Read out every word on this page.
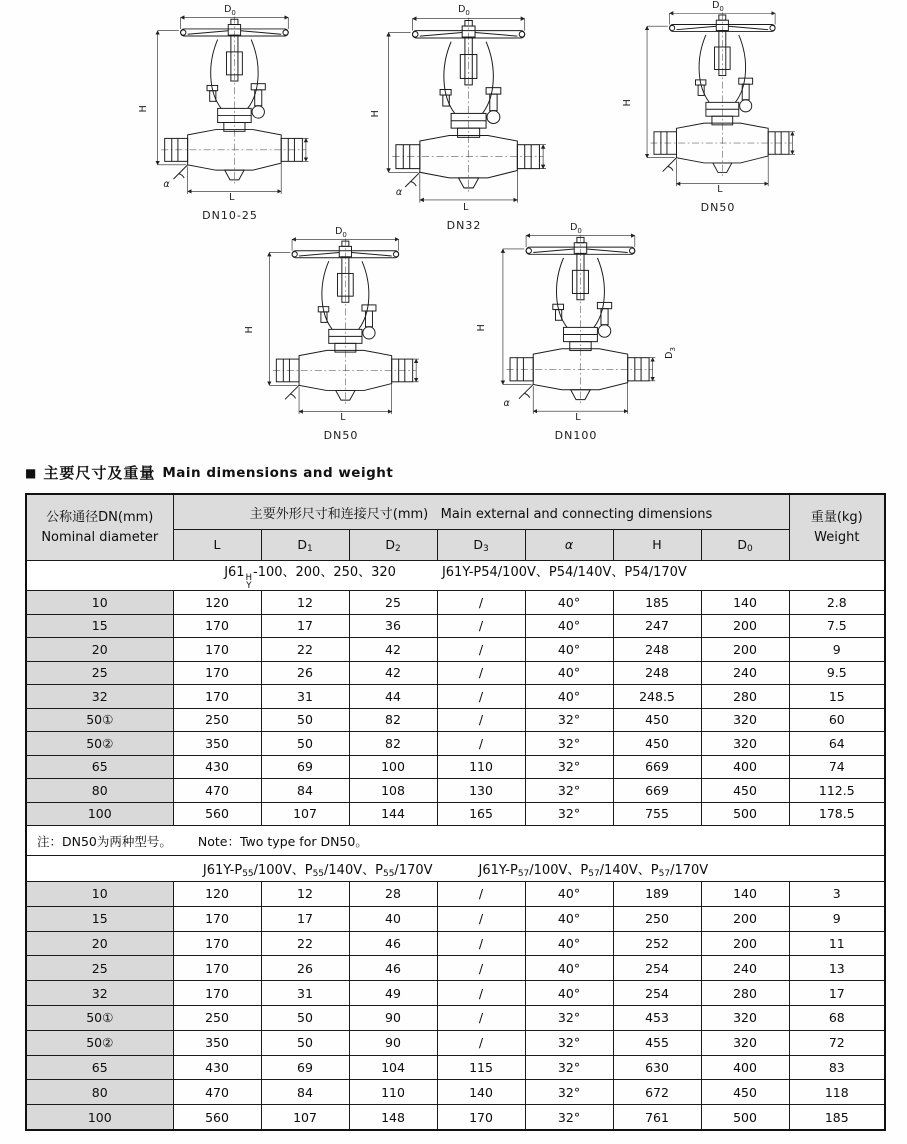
$D_0$
H
L
α
DN10-25
$D_0$
H
L
α
DN32
$D_0$
H
L
DN50
$D_0$
H
L
DN50
$D_0$
H
L
α
$D_3$
DN100
■ 主要尺寸及重量 Main dimensions and weight
公称通径DN(mm)
Nominal diameter
	主要外形尺寸和连接尺寸(mm) Main external and connecting dimensions	重量(kg)
Weight

	L	$D_1$	$D_2$	$D_3$	α	H	$D_0$

J61 H
Y
-100、200、250、320 J61Y-P54/100V、P54/140V、P54/170V								

10	120	12	25	/	40°	185	140	2.8
15	170	17	36	/	40°	247	200	7.5
20	170	22	42	/	40°	248	200	9
25	170	26	42	/	40°	248	240	9.5
32	170	31	44	/	40°	248.5	280	15
50①	250	50	82	/	32°	450	320	60
50②	350	50	82	/	32°	450	320	64
65	430	69	100	110	32°	669	400	74
80	470	84	108	130	32°	669	450	112.5
100	560	107	144	165	32°	755	500	178.5
注：DN50为两种型号。 Note：Two type for DN50。								

$J61Y-P_{55}/100V$、$P_{55}/140V$、$P_{55}/170V$ $J61Y-P_{57}/100V$、$P_{57}/140V$、$P_{57}/170V$								

10	120	12	28	/	40°	189	140	3
15	170	17	40	/	40°	250	200	9
20	170	22	46	/	40°	252	200	11
25	170	26	46	/	40°	254	240	13
32	170	31	49	/	40°	254	280	17
50①	250	50	90	/	32°	453	320	68
50②	350	50	90	/	32°	455	320	72
65	430	69	104	115	32°	630	400	83
80	470	84	110	140	32°	672	450	118
100	560	107	148	170	32°	761	500	185
